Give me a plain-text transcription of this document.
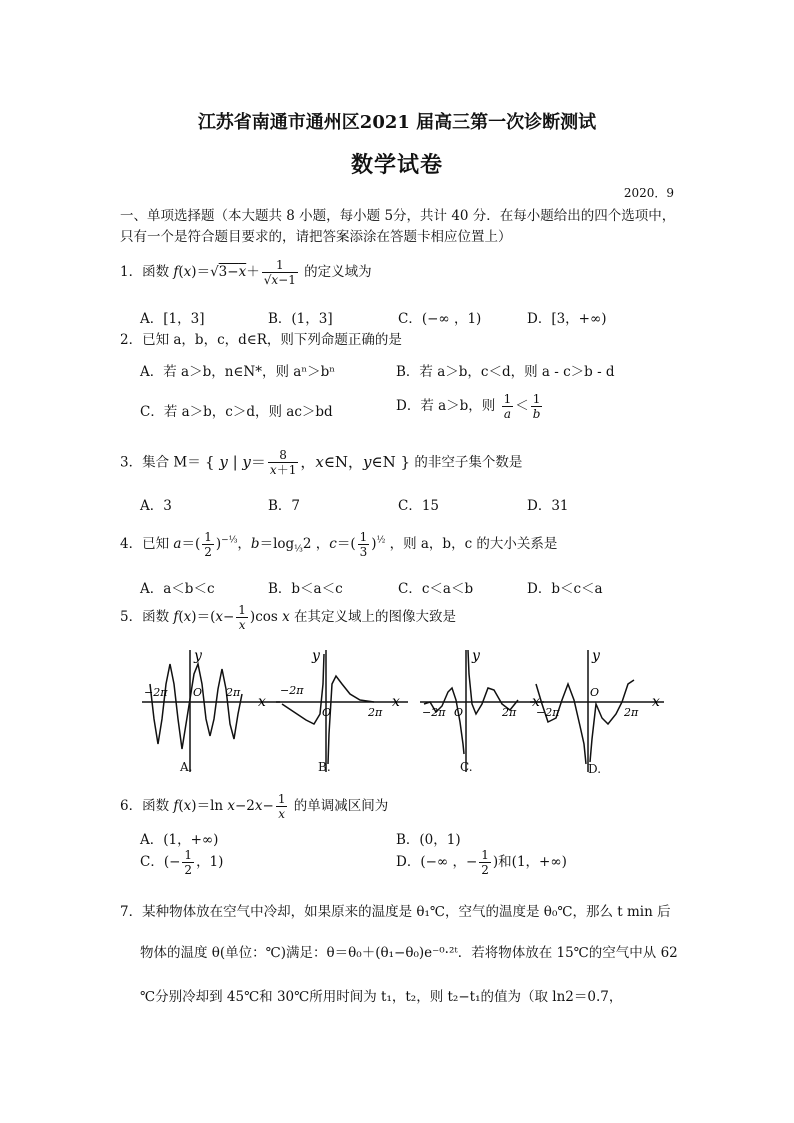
江苏省南通市通州区2021 届高三第一次诊断测试
数学试卷
2020．9
一、单项选择题（本大题共 8 小题，每小题 5分，共计 40 分．在每小题给出的四个选项中，
只有一个是符合题目要求的，请把答案添涂在答题卡相应位置上）
1．函数 $f(x)=√3-x+ \frac{1}{√x-1}$ 的定义域为
A．[1，3]	B．(1，3]	C．(−∞ ，1)	D．[3，+∞)
2．已知 a，b，c，d∈R，则下列命题正确的是
A．若 a＞b，n∈N*，则 aⁿ＞bⁿ	B．若 a＞b，c＜d，则 a - c＞b - d
C．若 a＞b，c＞d，则 ac＞bd	D．若 a＞b，则 $\frac{1}{a} < \frac{1}{b}$
3．集合 M＝ { y | $y= \frac{8}{x+1}$ ，x∈N，y∈N } 的非空子集个数是
A．3	B．7	C．15	D．31
4．已知 $a=( \frac{1}{2} )^{-\frac{1}{3}}$，$b=\log_{\frac{1}{3}}2$ ，$c=( \frac{1}{3} )^{\frac{1}{2}}$ ，则 a，b，c 的大小关系是
A．a＜b＜c	B．b＜a＜c	C．c＜a＜b	D．b＜c＜a
5．函数 $f(x)=(x- \frac{1}{x} )\cos$ x 在其定义域上的图像大致是
−2π O 2π
y
x
−2π
O	2π
y
x
−2π O	2π
y
x
−2π
O
2π
y
x
A.	B.	C.	D.
6．函数 f(x)＝ln $x-2x- \frac{1}{x}$ 的单调减区间为
A．(1，+∞)	B．(0，1)
C．(− $\frac{1}{2}$ ，1)	D．(−∞ ，− $\frac{1}{2}$ )和(1，+∞)
7．某种物体放在空气中冷却，如果原来的温度是 θ₁℃，空气的温度是 θ₀℃，那么 t min 后
物体的温度 θ(单位：℃)满足：θ＝θ₀＋(θ₁−θ₀)e⁻⁰·²ᵗ．若将物体放在 15℃的空气中从 62
℃分别冷却到 45℃和 30℃所用时间为 t₁，t₂，则 t₂−t₁的值为（取 ln2＝0.7，
